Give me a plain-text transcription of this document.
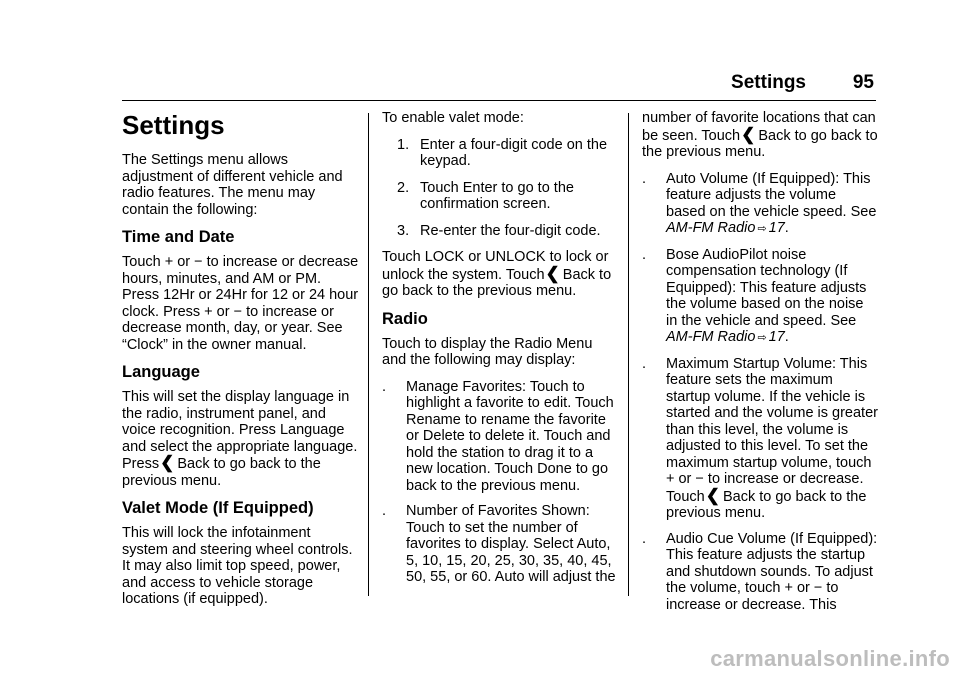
Settings 95
Settings

The Settings menu allows adjustment of different vehicle and radio features. The menu may contain the following:

Time and Date

Touch + or − to increase or decrease hours, minutes, and AM or PM. Press 12Hr or 24Hr for 12 or 24 hour clock. Press + or − to increase or decrease month, day, or year. See “Clock” in the owner manual.

Language

This will set the display language in the radio, instrument panel, and voice recognition. Press Language and select the appropriate language. Press❮ Back to go back to the previous menu.

Valet Mode (If Equipped)

This will lock the infotainment system and steering wheel controls. It may also limit top speed, power, and access to vehicle storage locations (if equipped).

To enable valet mode:

1. Enter a four-digit code on the keypad.
2. Touch Enter to go to the confirmation screen.
3. Re-enter the four-digit code.

Touch LOCK or UNLOCK to lock or unlock the system. Touch❮ Back to go back to the previous menu.

Radio

Touch to display the Radio Menu and the following may display:

.	Manage Favorites: Touch to highlight a favorite to edit. Touch Rename to rename the favorite or Delete to delete it. Touch and hold the station to drag it to a new location. Touch Done to go back to the previous menu.
.	Number of Favorites Shown: Touch to set the number of favorites to display. Select Auto, 5, 10, 15, 20, 25, 30, 35, 40, 45, 50, 55, or 60. Auto will adjust the

number of favorite locations that can be seen. Touch❮ Back to go back to the previous menu.

.	Auto Volume (If Equipped): This feature adjusts the volume based on the vehicle speed. See AM-FM Radio ⇨ 17.
.	Bose AudioPilot noise compensation technology (If Equipped): This feature adjusts the volume based on the noise in the vehicle and speed. See AM-FM Radio ⇨ 17.
.	Maximum Startup Volume: This feature sets the maximum startup volume. If the vehicle is started and the volume is greater than this level, the volume is adjusted to this level. To set the maximum startup volume, touch + or − to increase or decrease. Touch❮ Back to go back to the previous menu.
.	Audio Cue Volume (If Equipped): This feature adjusts the startup and shutdown sounds. To adjust the volume, touch + or − to increase or decrease. This
carmanualsonline.info
